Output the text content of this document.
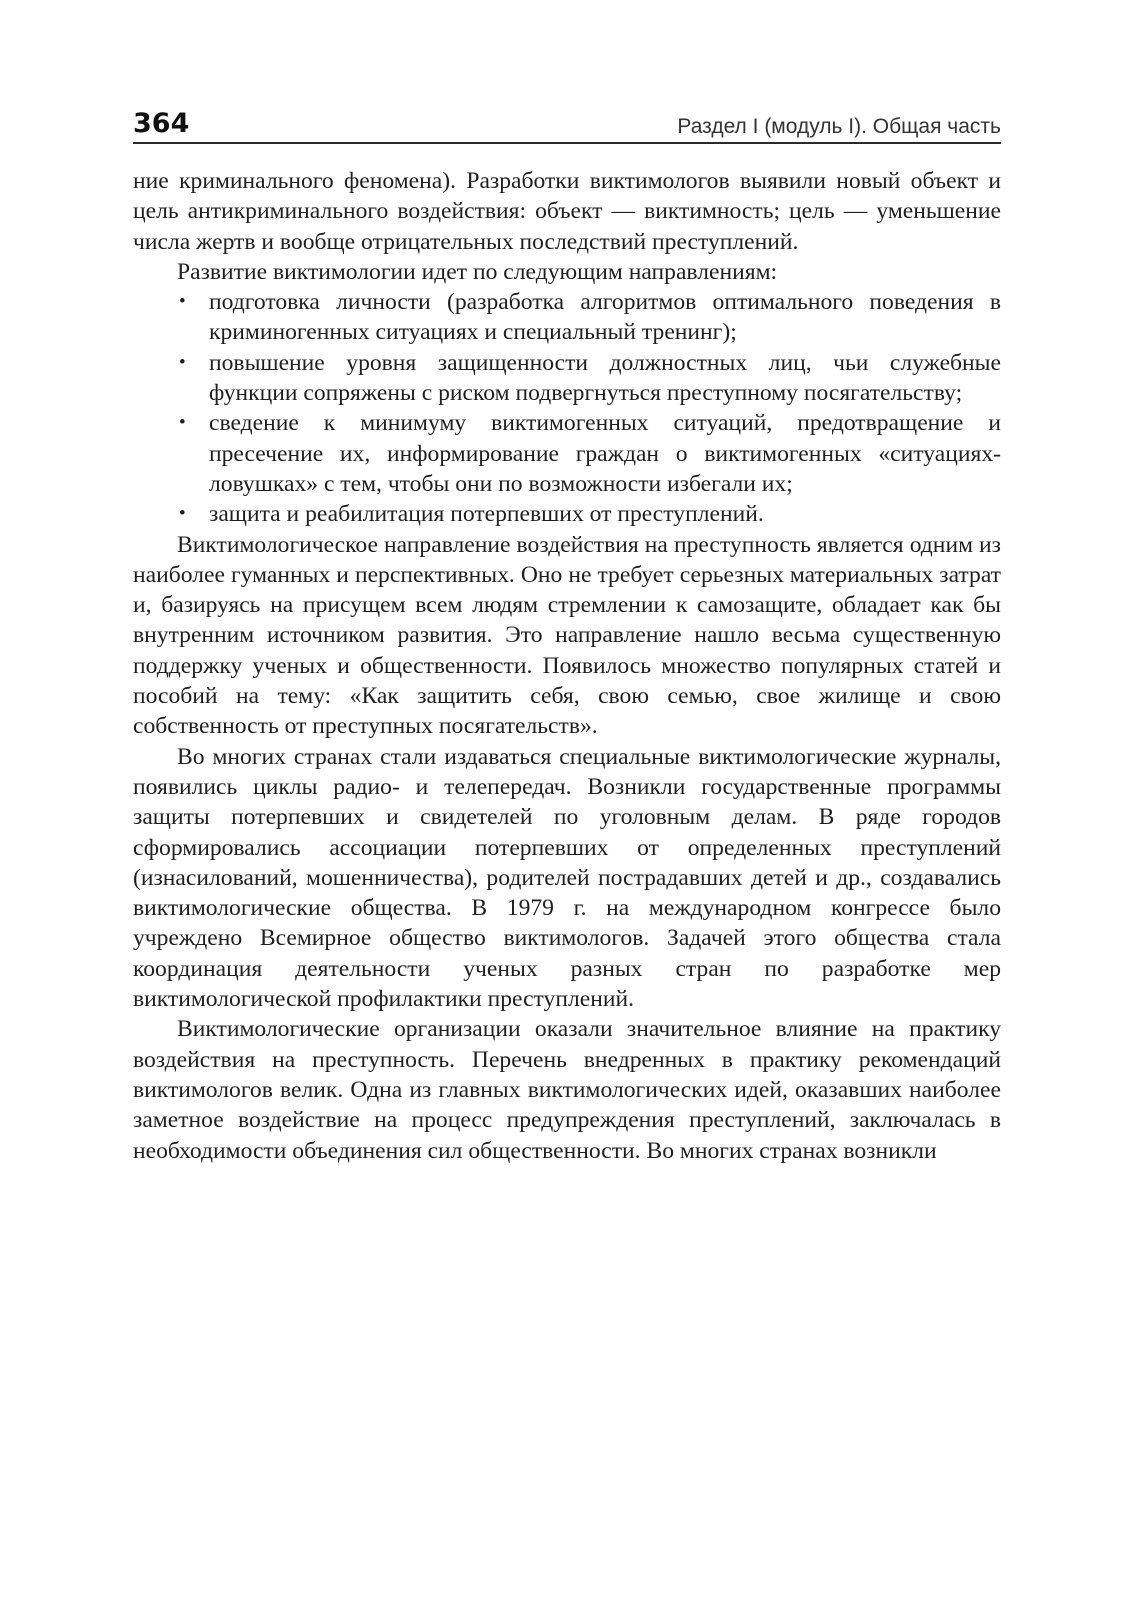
364	Раздел I (модуль I). Общая часть

ние криминального феномена). Разработки виктимологов выявили новый объект и цель антикриминального воздействия: объект — виктимность; цель — уменьшение числа жертв и вообще отрицательных последствий преступлений.

Развитие виктимологии идет по следующим направлениям:

• подготовка личности (разработка алгоритмов оптимального поведения в криминогенных ситуациях и специальный тренинг);
• повышение уровня защищенности должностных лиц, чьи служебные функции сопряжены с риском подвергнуться преступному посягательству;
• сведение к минимуму виктимогенных ситуаций, предотвращение и пресечение их, информирование граждан о виктимогенных «ситуациях-ловушках» с тем, чтобы они по возможности избегали их;
• защита и реабилитация потерпевших от преступлений.

Виктимологическое направление воздействия на преступность является одним из наиболее гуманных и перспективных. Оно не требует серьезных материальных затрат и, базируясь на присущем всем людям стремлении к самозащите, обладает как бы внутренним источником развития. Это направление нашло весьма существенную поддержку ученых и общественности. Появилось множество популярных статей и пособий на тему: «Как защитить себя, свою семью, свое жилище и свою собственность от преступных посягательств».

Во многих странах стали издаваться специальные виктимологические журналы, появились циклы радио- и телепередач. Возникли государственные программы защиты потерпевших и свидетелей по уголовным делам. В ряде городов сформировались ассоциации потерпевших от определенных преступлений (изнасилований, мошенничества), родителей пострадавших детей и др., создавались виктимологические общества. В 1979 г. на международном конгрессе было учреждено Всемирное общество виктимологов. Задачей этого общества стала координация деятельности ученых разных стран по разработке мер виктимологической профилактики преступлений.

Виктимологические организации оказали значительное влияние на практику воздействия на преступность. Перечень внедренных в практику рекомендаций виктимологов велик. Одна из главных виктимологических идей, оказавших наиболее заметное воздействие на процесс предупреждения преступлений, заключалась в необходимости объединения сил общественности. Во многих странах возникли
